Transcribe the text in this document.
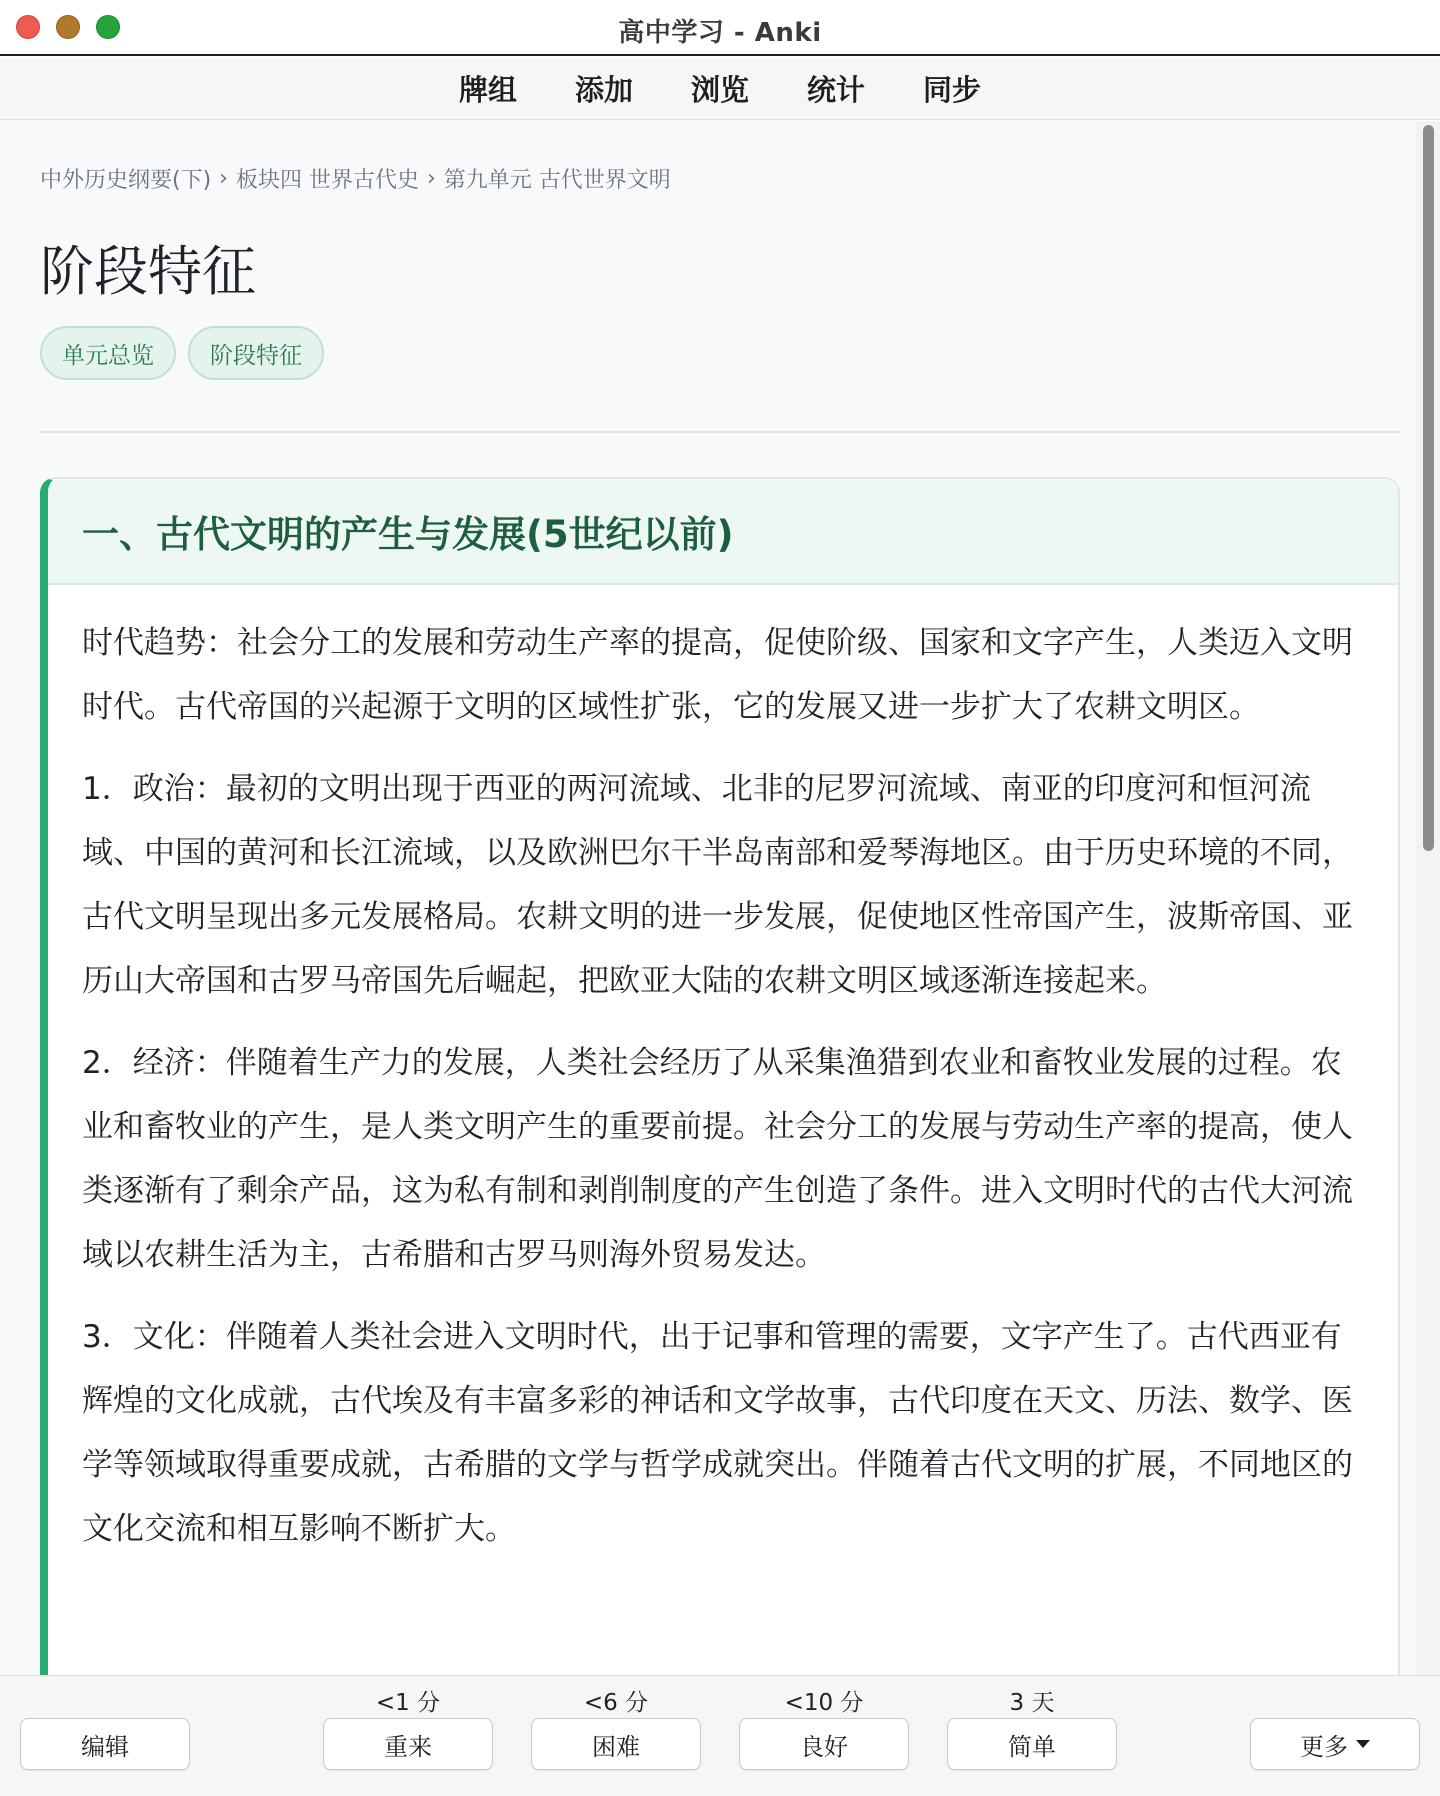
高中学习 - Anki
牌组 添加 浏览 统计 同步
中外历史纲要(下) › 板块四 世界古代史 › 第九单元 古代世界文明
阶段特征
单元总览	阶段特征
一、古代文明的产生与发展(5世纪以前)

时代趋势：社会分工的发展和劳动生产率的提高，促使阶级、国家和文字产生，人类迈入文明时代。古代帝国的兴起源于文明的区域性扩张，它的发展又进一步扩大了农耕文明区。

1．政治：最初的文明出现于西亚的两河流域、北非的尼罗河流域、南亚的印度河和恒河流域、中国的黄河和长江流域，以及欧洲巴尔干半岛南部和爱琴海地区。由于历史环境的不同，古代文明呈现出多元发展格局。农耕文明的进一步发展，促使地区性帝国产生，波斯帝国、亚历山大帝国和古罗马帝国先后崛起，把欧亚大陆的农耕文明区域逐渐连接起来。

2．经济：伴随着生产力的发展，人类社会经历了从采集渔猎到农业和畜牧业发展的过程。农业和畜牧业的产生，是人类文明产生的重要前提。社会分工的发展与劳动生产率的提高，使人类逐渐有了剩余产品，这为私有制和剥削制度的产生创造了条件。进入文明时代的古代大河流域以农耕生活为主，古希腊和古罗马则海外贸易发达。

3．文化：伴随着人类社会进入文明时代，出于记事和管理的需要，文字产生了。古代西亚有辉煌的文化成就，古代埃及有丰富多彩的神话和文学故事，古代印度在天文、历法、数学、医学等领域取得重要成就，古希腊的文学与哲学成就突出。伴随着古代文明的扩展，不同地区的文化交流和相互影响不断扩大。

编辑
<1 分
重来
<6 分
困难
<10 分
良好
3 天
简单	更多
